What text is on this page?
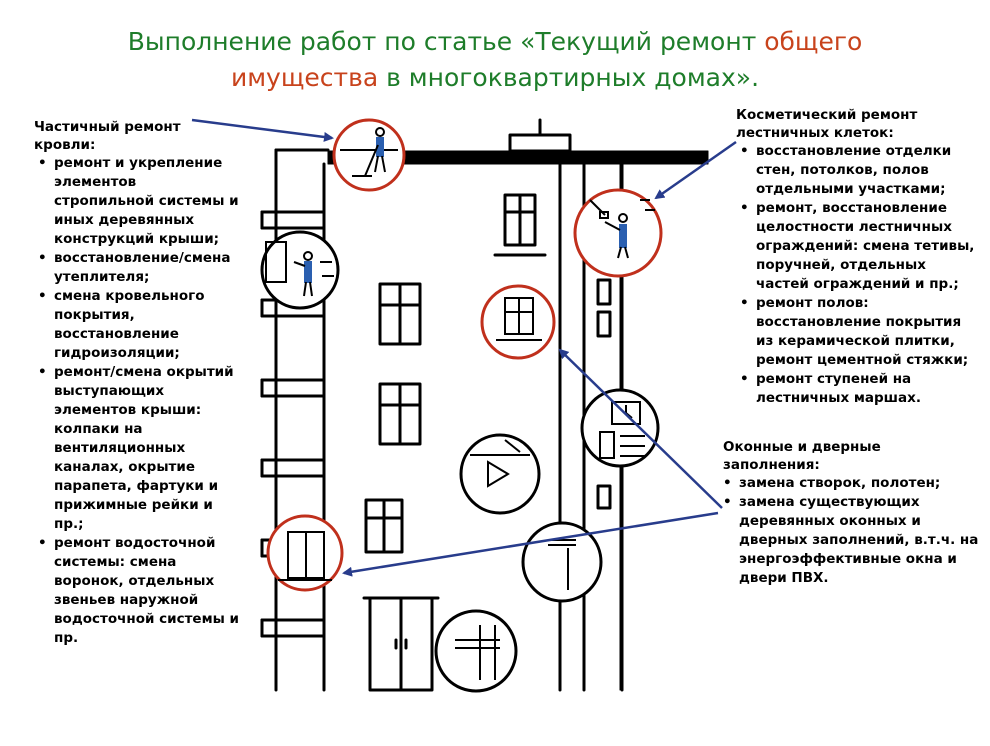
Выполнение работ по статье «Текущий ремонт общего
имущества в многоквартирных домах».
Частичный ремонт кровли:
• ремонт и укрепление элементов стропильной системы и иных деревянных конструкций крыши;
• восстановление/смена утеплителя;
• смена кровельного покрытия, восстановление гидроизоляции;
• ремонт/смена окрытий выступающих элементов крыши: колпаки на вентиляционных каналах, окрытие парапета, фартуки и прижимные рейки и пр.;
• ремонт водосточной системы: смена воронок, отдельных звеньев наружной водосточной системы и пр.
Косметический ремонт лестничных клеток:
• восстановление отделки стен, потолков, полов отдельными участками;
• ремонт, восстановление целостности лестничных ограждений: смена тетивы, поручней, отдельных частей ограждений и пр.;
• ремонт полов: восстановление покрытия из керамической плитки, ремонт цементной стяжки;
• ремонт ступеней на лестничных маршах.
Оконные и дверные заполнения:
• замена створок, полотен;
• замена существующих деревянных оконных и дверных заполнений, в.т.ч. на энергоэффективные окна и двери ПВХ.
